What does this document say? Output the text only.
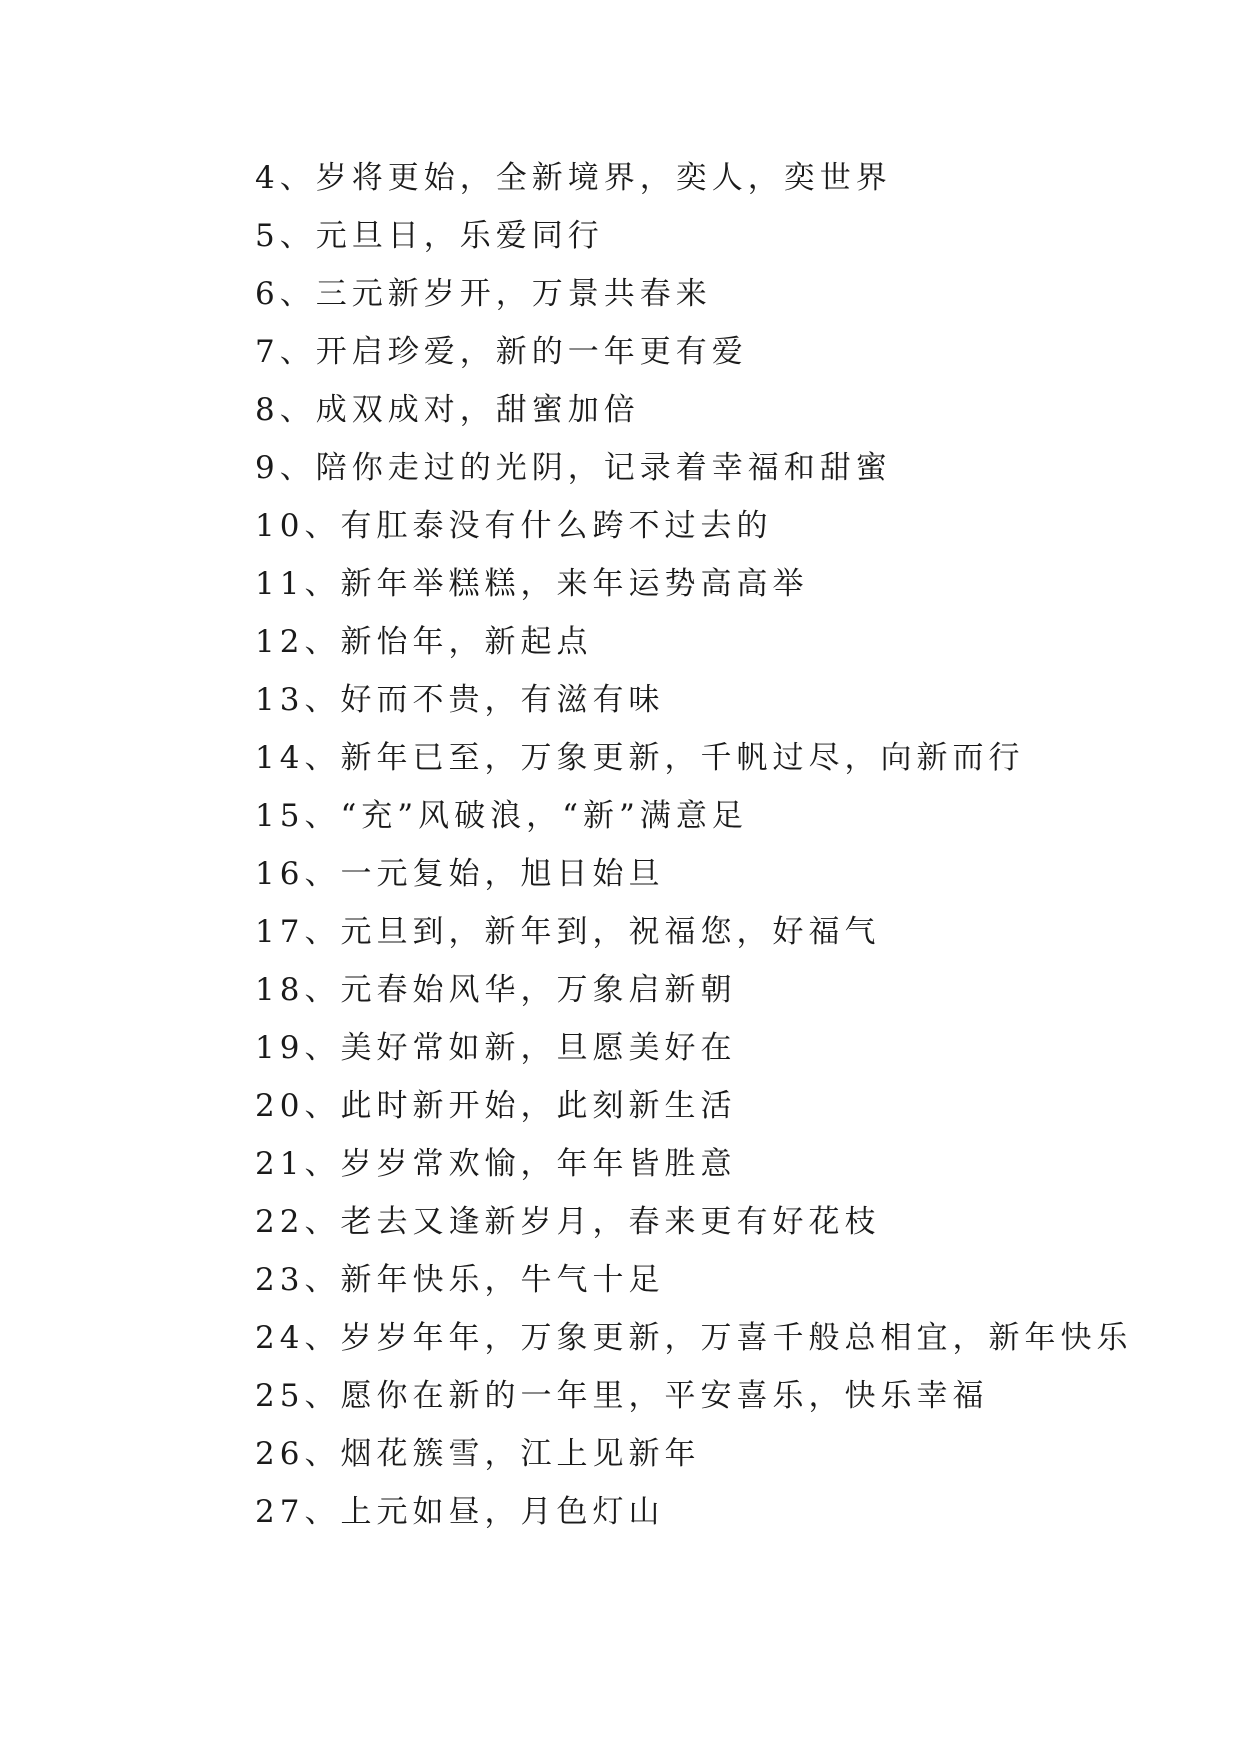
4、岁将更始，全新境界，奕人，奕世界
5、元旦日，乐爱同行
6、三元新岁开，万景共春来
7、开启珍爱，新的一年更有爱
8、成双成对，甜蜜加倍
9、陪你走过的光阴，记录着幸福和甜蜜
10、有肛泰没有什么跨不过去的
11、新年举糕糕，来年运势高高举
12、新怡年，新起点
13、好而不贵，有滋有味
14、新年已至，万象更新，千帆过尽，向新而行
15、“充”风破浪，“新”满意足
16、一元复始，旭日始旦
17、元旦到，新年到，祝福您，好福气
18、元春始风华，万象启新朝
19、美好常如新，旦愿美好在
20、此时新开始，此刻新生活
21、岁岁常欢愉，年年皆胜意
22、老去又逢新岁月，春来更有好花枝
23、新年快乐，牛气十足
24、岁岁年年，万象更新，万喜千般总相宜，新年快乐
25、愿你在新的一年里，平安喜乐，快乐幸福
26、烟花簇雪，江上见新年
27、上元如昼，月色灯山
